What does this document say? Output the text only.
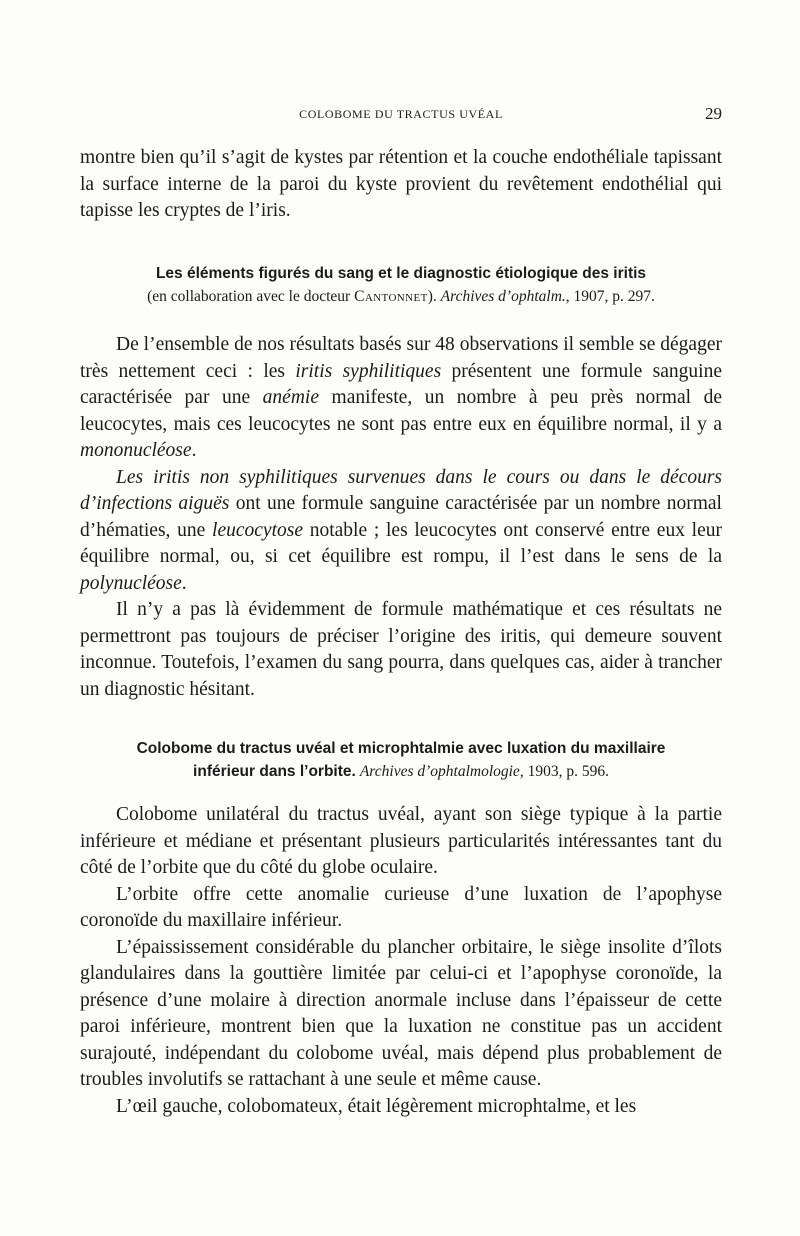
COLOBOME DU TRACTUS UVÉAL	29

montre bien qu’il s’agit de kystes par rétention et la couche endothéliale tapissant la surface interne de la paroi du kyste provient du revêtement endothélial qui tapisse les cryptes de l’iris.

Les éléments figurés du sang et le diagnostic étiologique des iritis
(en collaboration avec le docteur Cantonnet). Archives d’ophtalm., 1907, p. 297.

De l’ensemble de nos résultats basés sur 48 observations il semble se dégager très nettement ceci : les iritis syphilitiques présentent une formule sanguine caractérisée par une anémie manifeste, un nombre à peu près normal de leucocytes, mais ces leucocytes ne sont pas entre eux en équilibre normal, il y a mononucléose.

Les iritis non syphilitiques survenues dans le cours ou dans le décours d’infections aiguës ont une formule sanguine caractérisée par un nombre normal d’hématies, une leucocytose notable ; les leucocytes ont conservé entre eux leur équilibre normal, ou, si cet équilibre est rompu, il l’est dans le sens de la polynucléose.

Il n’y a pas là évidemment de formule mathématique et ces résultats ne permettront pas toujours de préciser l’origine des iritis, qui demeure souvent inconnue. Toutefois, l’examen du sang pourra, dans quelques cas, aider à trancher un diagnostic hésitant.

Colobome du tractus uvéal et microphtalmie avec luxation du maxillaire
inférieur dans l’orbite. Archives d’ophtalmologie, 1903, p. 596.

Colobome unilatéral du tractus uvéal, ayant son siège typique à la partie inférieure et médiane et présentant plusieurs particularités intéressantes tant du côté de l’orbite que du côté du globe oculaire.

L’orbite offre cette anomalie curieuse d’une luxation de l’apophyse coronoïde du maxillaire inférieur.

L’épaississement considérable du plancher orbitaire, le siège insolite d’îlots glandulaires dans la gouttière limitée par celui-ci et l’apophyse coronoïde, la présence d’une molaire à direction anormale incluse dans l’épaisseur de cette paroi inférieure, montrent bien que la luxation ne constitue pas un accident surajouté, indépendant du colobome uvéal, mais dépend plus probablement de troubles involutifs se rattachant à une seule et même cause.

L’œil gauche, colobomateux, était légèrement microphtalme, et les
